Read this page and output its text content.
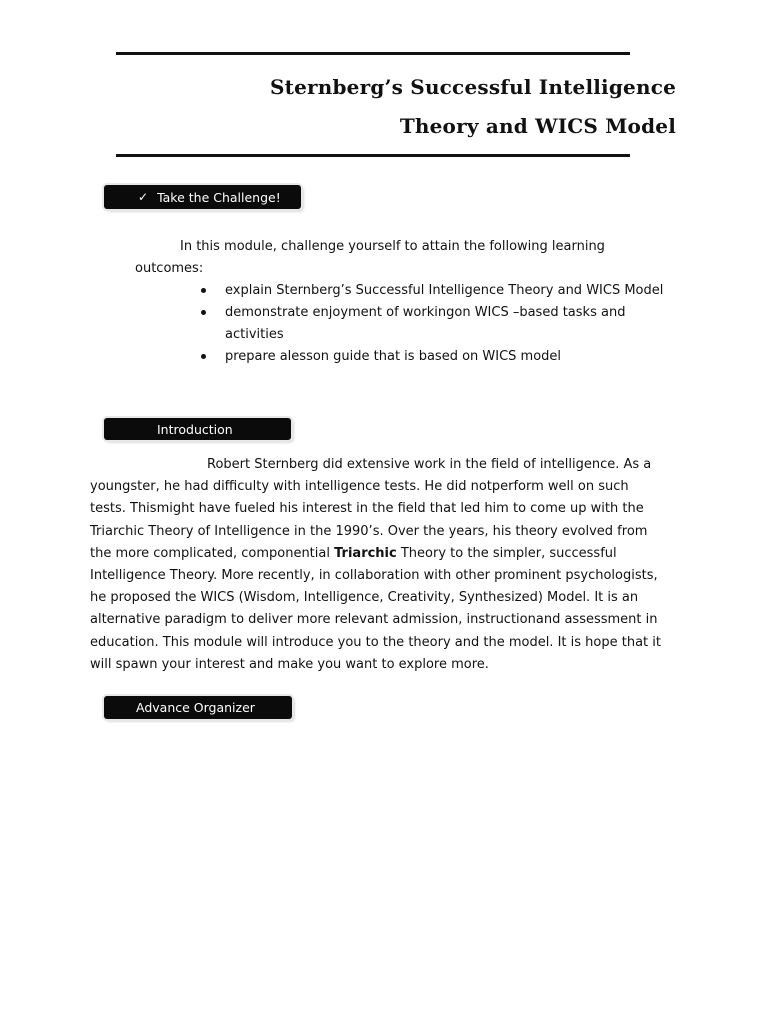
Sternberg’s Successful Intelligence
Theory and WICS Model
✓ Take the Challenge!
In this module, challenge yourself to attain the following learning
outcomes:
explain Sternberg’s Successful Intelligence Theory and WICS Model
demonstrate enjoyment of workingon WICS –based tasks and
activities
prepare alesson guide that is based on WICS model
Introduction
Robert Sternberg did extensive work in the field of intelligence. As a
youngster, he had difficulty with intelligence tests. He did notperform well on such
tests. Thismight have fueled his interest in the field that led him to come up with the
Triarchic Theory of Intelligence in the 1990’s. Over the years, his theory evolved from
the more complicated, componential Triarchic Theory to the simpler, successful
Intelligence Theory. More recently, in collaboration with other prominent psychologists,
he proposed the WICS (Wisdom, Intelligence, Creativity, Synthesized) Model. It is an
alternative paradigm to deliver more relevant admission, instructionand assessment in
education. This module will introduce you to the theory and the model. It is hope that it
will spawn your interest and make you want to explore more.
Advance Organizer
